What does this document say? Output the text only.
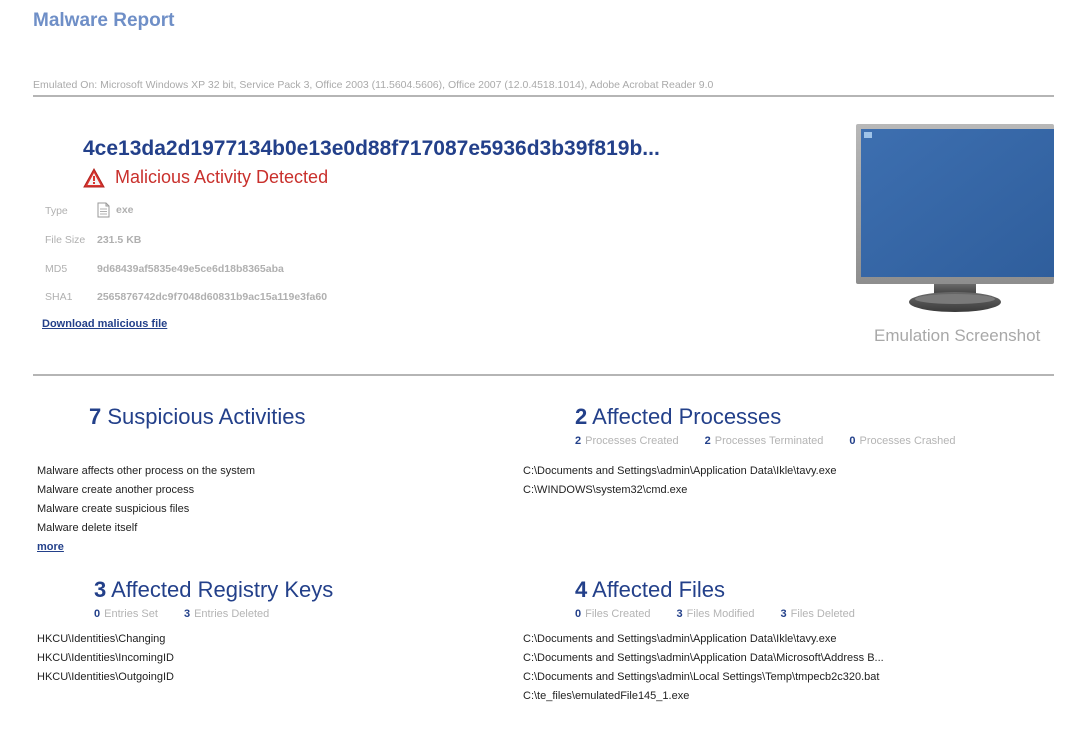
Malware Report
Emulated On: Microsoft Windows XP 32 bit, Service Pack 3, Office 2003 (11.5604.5606), Office 2007 (12.0.4518.1014), Adobe Acrobat Reader 9.0
4ce13da2d1977134b0e13e0d88f717087e5936d3b39f819b...
Malicious Activity Detected
Type	exe
File Size 231.5 KB
MD5	9d68439af5835e49e5ce6d18b8365aba
SHA1 2565876742dc9f7048d60831b9ac15a119e3fa60
Download malicious file
Emulation Screenshot
7 Suspicious Activities
Malware affects other process on the system
Malware create another process
Malware create suspicious files
Malware delete itself
more
2 Affected Processes
2 Processes Created 2 Processes Terminated 0 Processes Crashed
C:\Documents and Settings\admin\Application Data\Ikle\tavy.exe
C:\WINDOWS\system32\cmd.exe
3 Affected Registry Keys
0 Entries Set 3 Entries Deleted
HKCU\Identities\Changing
HKCU\Identities\IncomingID
HKCU\Identities\OutgoingID
4 Affected Files
0 Files Created 3 Files Modified 3 Files Deleted
C:\Documents and Settings\admin\Application Data\Ikle\tavy.exe
C:\Documents and Settings\admin\Application Data\Microsoft\Address B...
C:\Documents and Settings\admin\Local Settings\Temp\tmpecb2c320.bat
C:\te_files\emulatedFile145_1.exe
